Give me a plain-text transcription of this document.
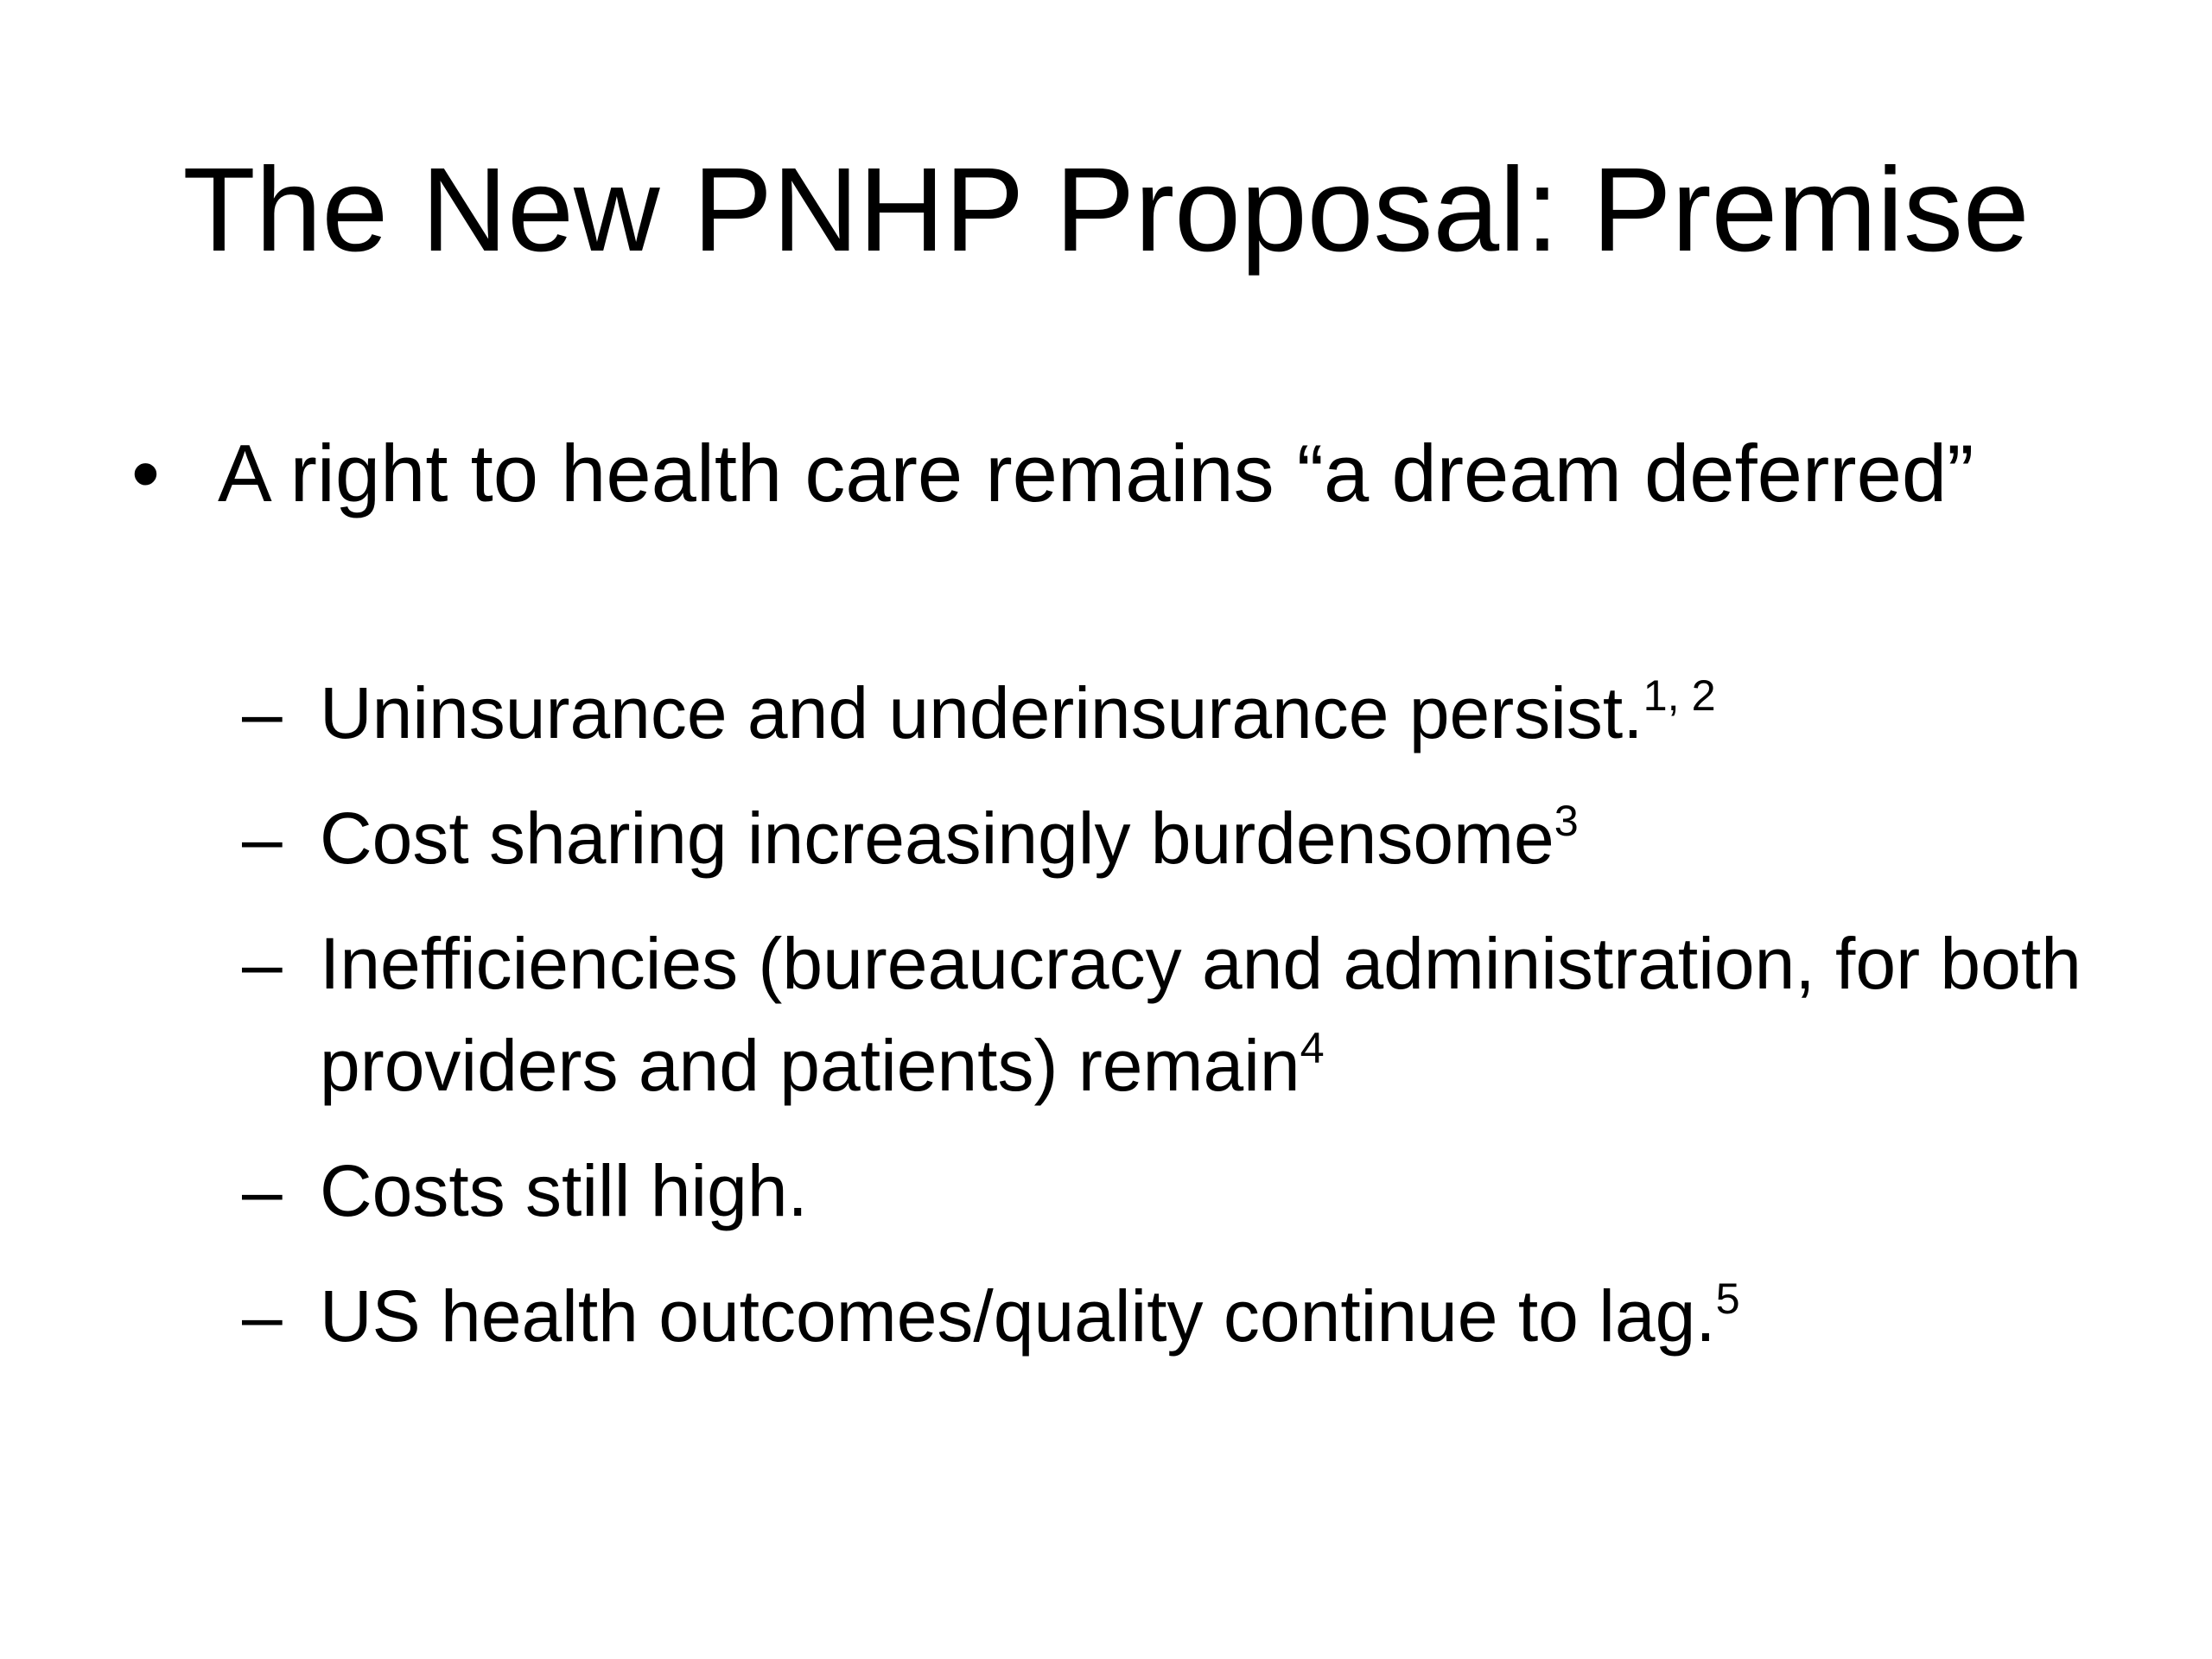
The New PNHP Proposal: Premise
• A right to health care remains “a dream deferred”
– Uninsurance and underinsurance persist.$^{1, 2}$
– Cost sharing increasingly burdensome$^3$
– Inefficiencies (bureaucracy and administration, for both providers and patients) remain$^4$
– Costs still high.
– US health outcomes/quality continue to lag.$^5$
